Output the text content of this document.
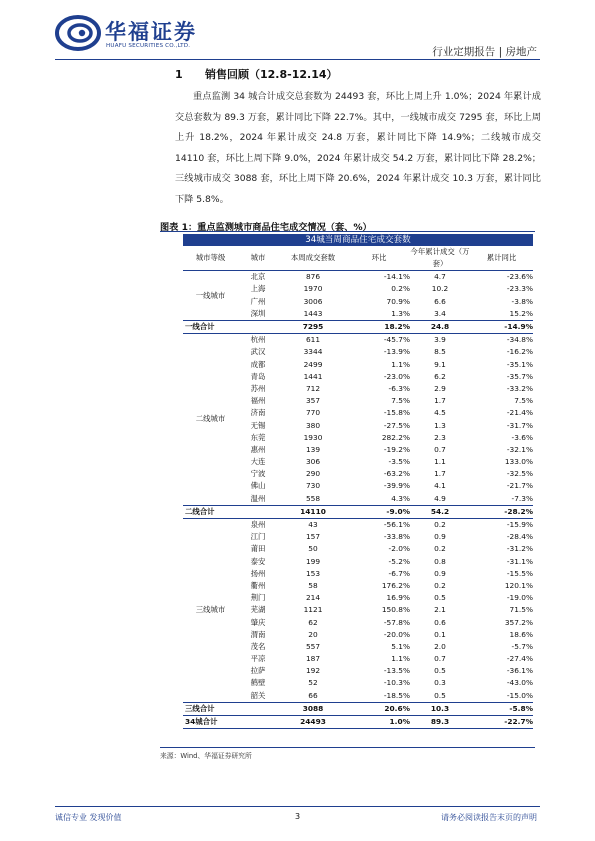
华福证券
HUAFU SECURITIES CO.,LTD.	行业定期报告 | 房地产
1 销售回顾（12.8-12.14）
重点监测 34 城合计成交总套数为 24493 套，环比上周上升 1.0%；2024 年累计成交总套数为 89.3 万套，累计同比下降 22.7%。其中，一线城市成交 7295 套，环比上周上升 18.2%，2024 年累计成交 24.8 万套，累计同比下降 14.9%；二线城市成交 14110 套，环比上周下降 9.0%，2024 年累计成交 54.2 万套，累计同比下降 28.2%；三线城市成交 3088 套，环比上周下降 20.6%，2024 年累计成交 10.3 万套，累计同比下降 5.8%。
图表 1：重点监测城市商品住宅成交情况（套、%）
34城当周商品住宅成交套数					
城市等级	城市	本周成交套数	环比	今年累计成交（万套）	累计同比
一线城市	北京	876	-14.1%	4.7	-23.6%
	上海	1970	0.2%	10.2	-23.3%
	广州	3006	70.9%	6.6	-3.8%
	深圳	1443	1.3%	3.4	15.2%
一线合计		7295	18.2%	24.8	-14.9%
二线城市	杭州	611	-45.7%	3.9	-34.8%
	武汉	3344	-13.9%	8.5	-16.2%
	成都	2499	1.1%	9.1	-35.1%
	青岛	1441	-23.0%	6.2	-35.7%
	苏州	712	-6.3%	2.9	-33.2%
	福州	357	7.5%	1.7	7.5%
	济南	770	-15.8%	4.5	-21.4%
	无锡	380	-27.5%	1.3	-31.7%
	东莞	1930	282.2%	2.3	-3.6%
	惠州	139	-19.2%	0.7	-32.1%
	大连	306	-3.5%	1.1	133.0%
	宁波	290	-63.2%	1.7	-32.5%
	佛山	730	-39.9%	4.1	-21.7%
	温州	558	4.3%	4.9	-7.3%
二线合计		14110	-9.0%	54.2	-28.2%
三线城市	泉州	43	-56.1%	0.2	-15.9%
	江门	157	-33.8%	0.9	-28.4%
	莆田	50	-2.0%	0.2	-31.2%
	泰安	199	-5.2%	0.8	-31.1%
	扬州	153	-6.7%	0.9	-15.5%
	衢州	58	176.2%	0.2	120.1%
	荆门	214	16.9%	0.5	-19.0%
	芜湖	1121	150.8%	2.1	71.5%
	肇庆	62	-57.8%	0.6	357.2%
	渭南	20	-20.0%	0.1	18.6%
	茂名	557	5.1%	2.0	-5.7%
	平凉	187	1.1%	0.7	-27.4%
	拉萨	192	-13.5%	0.5	-36.1%
	鹤壁	52	-10.3%	0.3	-43.0%
	韶关	66	-18.5%	0.5	-15.0%
三线合计		3088	20.6%	10.3	-5.8%
34城合计		24493	1.0%	89.3	-22.7%
来源：Wind、华福证券研究所
诚信专业 发现价值	3	请务必阅读报告末页的声明
